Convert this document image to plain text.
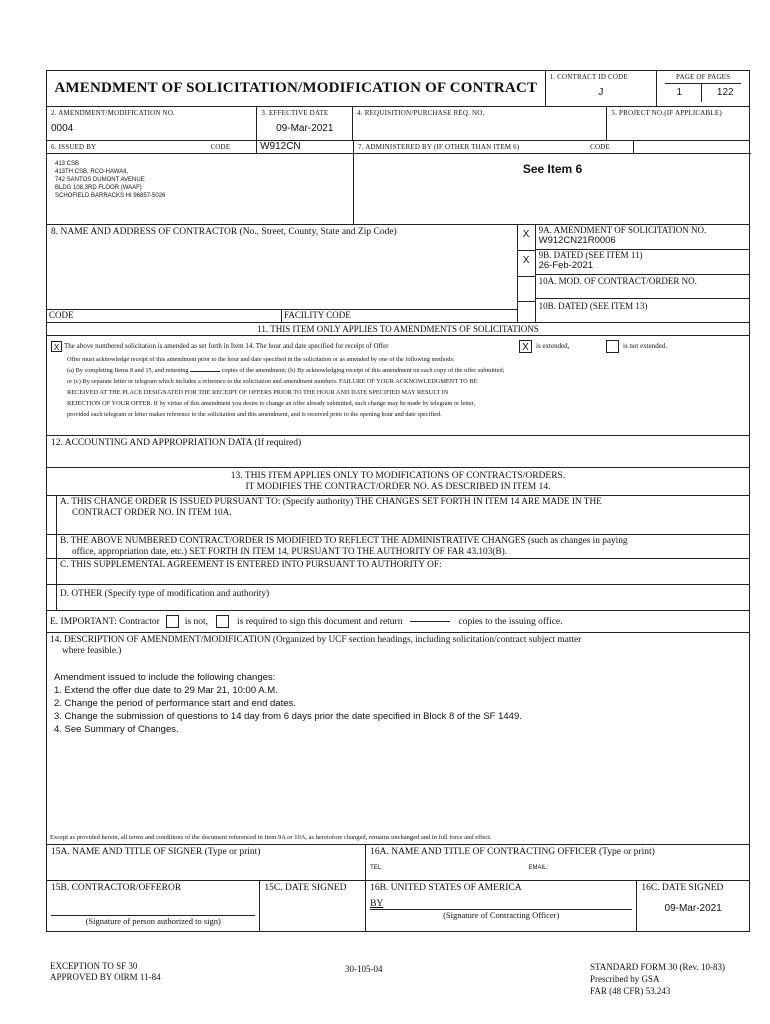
AMENDMENT OF SOLICITATION/MODIFICATION OF CONTRACT
1. CONTRACT ID CODE
J
PAGE OF PAGES
1	122
2. AMENDMENT/MODIFICATION NO.
0004
3. EFFECTIVE DATE
09-Mar-2021
4. REQUISITION/PURCHASE REQ. NO.	5. PROJECT NO.(IF APPLICABLE)
6. ISSUED BY	CODE	W912CN
413 CSB
413TH CSB, RCO-HAWAII,
742 SANTOS DUMONT AVENUE
BLDG 108,3RD FLOOR (WAAF)
SCHOFIELD BARRACKS HI 96857-5026
7. ADMINISTERED BY (IF OTHER THAN ITEM 6)	CODE
See Item 6
8. NAME AND ADDRESS OF CONTRACTOR (No., Street, County, State and Zip Code)
CODE	FACILITY CODE
X
X
9A. AMENDMENT OF SOLICITATION NO.
W912CN21R0006
9B. DATED (SEE ITEM 11)
26-Feb-2021
10A. MOD. OF CONTRACT/ORDER NO.
10B. DATED (SEE ITEM 13)
11. THIS ITEM ONLY APPLIES TO AMENDMENTS OF SOLICITATIONS
X The above numbered solicitation is amended as set forth in Item 14. The hour and date specified for receipt of Offer	X	is extended,	is not extended.
Offer must acknowledge receipt of this amendment prior to the hour and date specified in the solicitation or as amended by one of the following methods:
(a) By completing Items 8 and 15, and returning	copies of the amendment; (b) By acknowledging receipt of this amendment on each copy of the offer submitted;
or (c) By separate letter or telegram which includes a reference to the solicitation and amendment numbers. FAILURE OF YOUR ACKNOWLEDGMENT TO BE
RECEIVED AT THE PLACE DESIGNATED FOR THE RECEIPT OF OFFERS PRIOR TO THE HOUR AND DATE SPECIFIED MAY RESULT IN
REJECTION OF YOUR OFFER. If by virtue of this amendment you desire to change an offer already submitted, such change may be made by telegram or letter,
provided each telegram or letter makes reference to the solicitation and this amendment, and is received prior to the opening hour and date specified.
12. ACCOUNTING AND APPROPRIATION DATA (If required)
13. THIS ITEM APPLIES ONLY TO MODIFICATIONS OF CONTRACTS/ORDERS.
IT MODIFIES THE CONTRACT/ORDER NO. AS DESCRIBED IN ITEM 14.
A. THIS CHANGE ORDER IS ISSUED PURSUANT TO: (Specify authority) THE CHANGES SET FORTH IN ITEM 14 ARE MADE IN THE
CONTRACT ORDER NO. IN ITEM 10A.
B. THE ABOVE NUMBERED CONTRACT/ORDER IS MODIFIED TO REFLECT THE ADMINISTRATIVE CHANGES (such as changes in paying
office, appropriation date, etc.) SET FORTH IN ITEM 14, PURSUANT TO THE AUTHORITY OF FAR 43.103(B).
C. THIS SUPPLEMENTAL AGREEMENT IS ENTERED INTO PURSUANT TO AUTHORITY OF:
D. OTHER (Specify type of modification and authority)
E. IMPORTANT: Contractor	is not,	is required to sign this document and return	copies to the issuing office.
14. DESCRIPTION OF AMENDMENT/MODIFICATION (Organized by UCF section headings, including solicitation/contract subject matter
where feasible.)
Amendment issued to include the following changes:
1. Extend the offer due date to 29 Mar 21, 10:00 A.M.
2. Change the period of performance start and end dates.
3. Change the submission of questions to 14 day from 6 days prior the date specified in Block 8 of the SF 1449.
4. See Summary of Changes.
Except as provided herein, all terms and conditions of the document referenced in Item 9A or 10A, as heretofore changed, remains unchanged and in full force and effect.
15A. NAME AND TITLE OF SIGNER (Type or print)	16A. NAME AND TITLE OF CONTRACTING OFFICER (Type or print)
TEL:	EMAIL:
15B. CONTRACTOR/OFFEROR
(Signature of person authorized to sign)
15C. DATE SIGNED	16B. UNITED STATES OF AMERICA
BY
(Signature of Contracting Officer)
16C. DATE SIGNED
09-Mar-2021
EXCEPTION TO SF 30
APPROVED BY OIRM 11-84
30-105-04	STANDARD FORM 30 (Rev. 10-83)
Prescribed by GSA
FAR (48 CFR) 53.243
